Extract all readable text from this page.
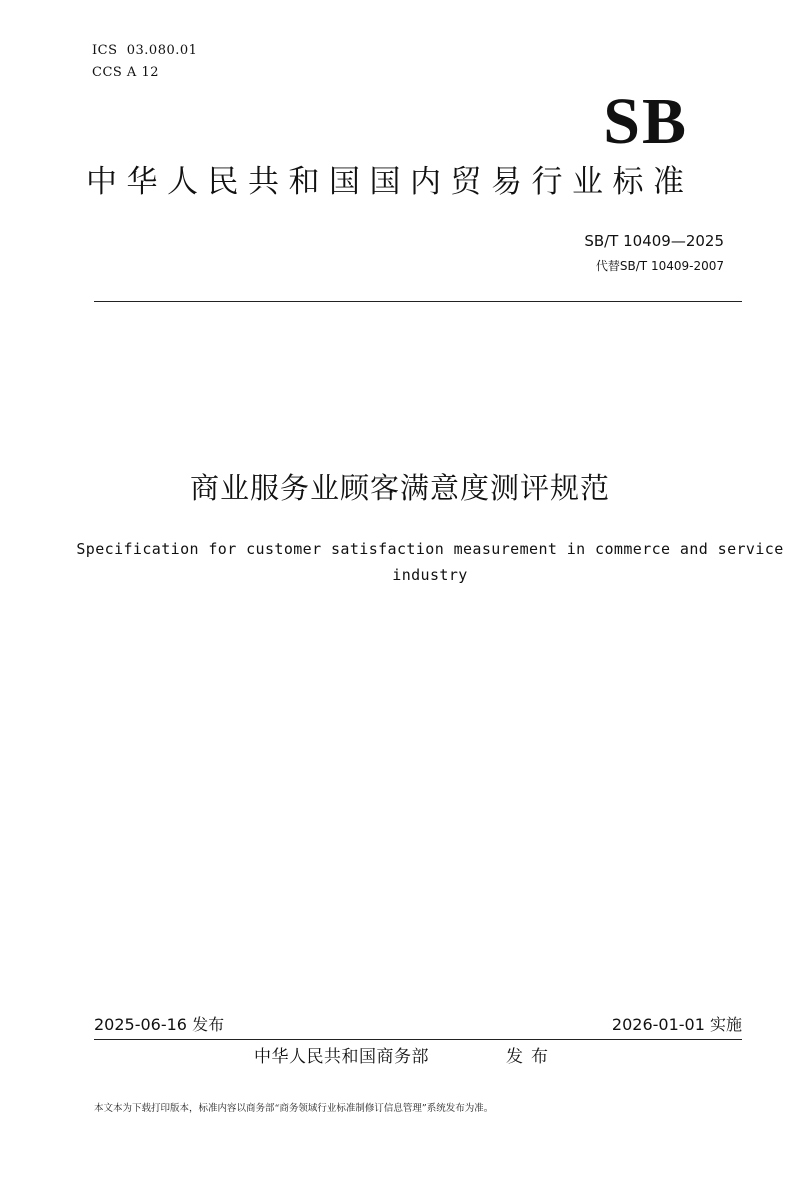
ICS  03.080.01
CCS A 12
SB
中华人民共和国国内贸易行业标准
SB/T 10409—2025
代替SB/T 10409-2007
商业服务业顾客满意度测评规范
Specification for customer satisfaction measurement in commerce and service industry
2025-06-16 发布	2026-01-01 实施
中华人民共和国商务部	发布
本文本为下载打印版本，标准内容以商务部“商务领域行业标准制修订信息管理”系统发布为准。
